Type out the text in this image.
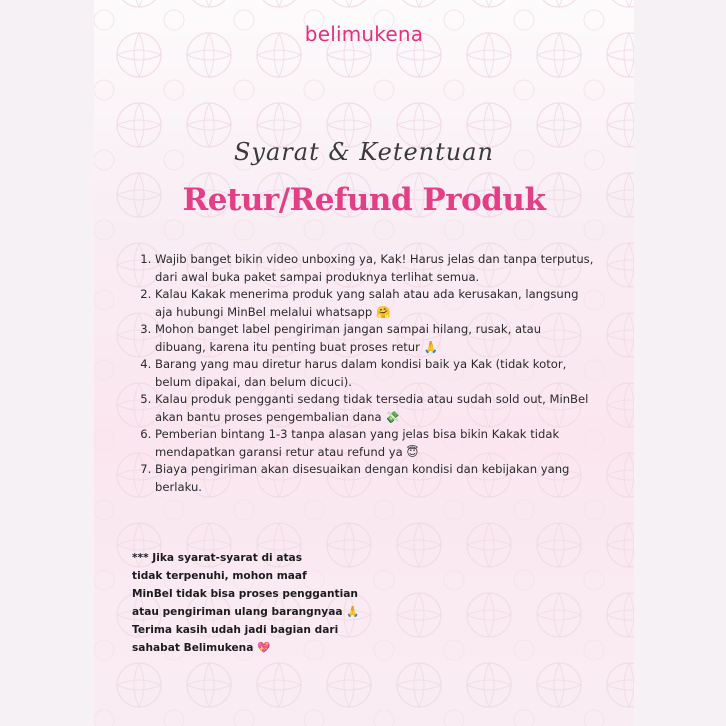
belimukena
Syarat & Ketentuan
Retur/Refund Produk
1. Wajib banget bikin video unboxing ya, Kak! Harus jelas dan tanpa terputus, dari awal buka paket sampai produknya terlihat semua.
2. Kalau Kakak menerima produk yang salah atau ada kerusakan, langsung aja hubungi MinBel melalui whatsapp 🤗
3. Mohon banget label pengiriman jangan sampai hilang, rusak, atau dibuang, karena itu penting buat proses retur 🙏
4. Barang yang mau diretur harus dalam kondisi baik ya Kak (tidak kotor, belum dipakai, dan belum dicuci).
5. Kalau produk pengganti sedang tidak tersedia atau sudah sold out, MinBel akan bantu proses pengembalian dana 💸
6. Pemberian bintang 1-3 tanpa alasan yang jelas bisa bikin Kakak tidak mendapatkan garansi retur atau refund ya 😇
7. Biaya pengiriman akan disesuaikan dengan kondisi dan kebijakan yang berlaku.
*** Jika syarat-syarat di atas
tidak terpenuhi, mohon maaf
MinBel tidak bisa proses penggantian
atau pengiriman ulang barangnyaa 🙏
Terima kasih udah jadi bagian dari
sahabat Belimukena 💖
